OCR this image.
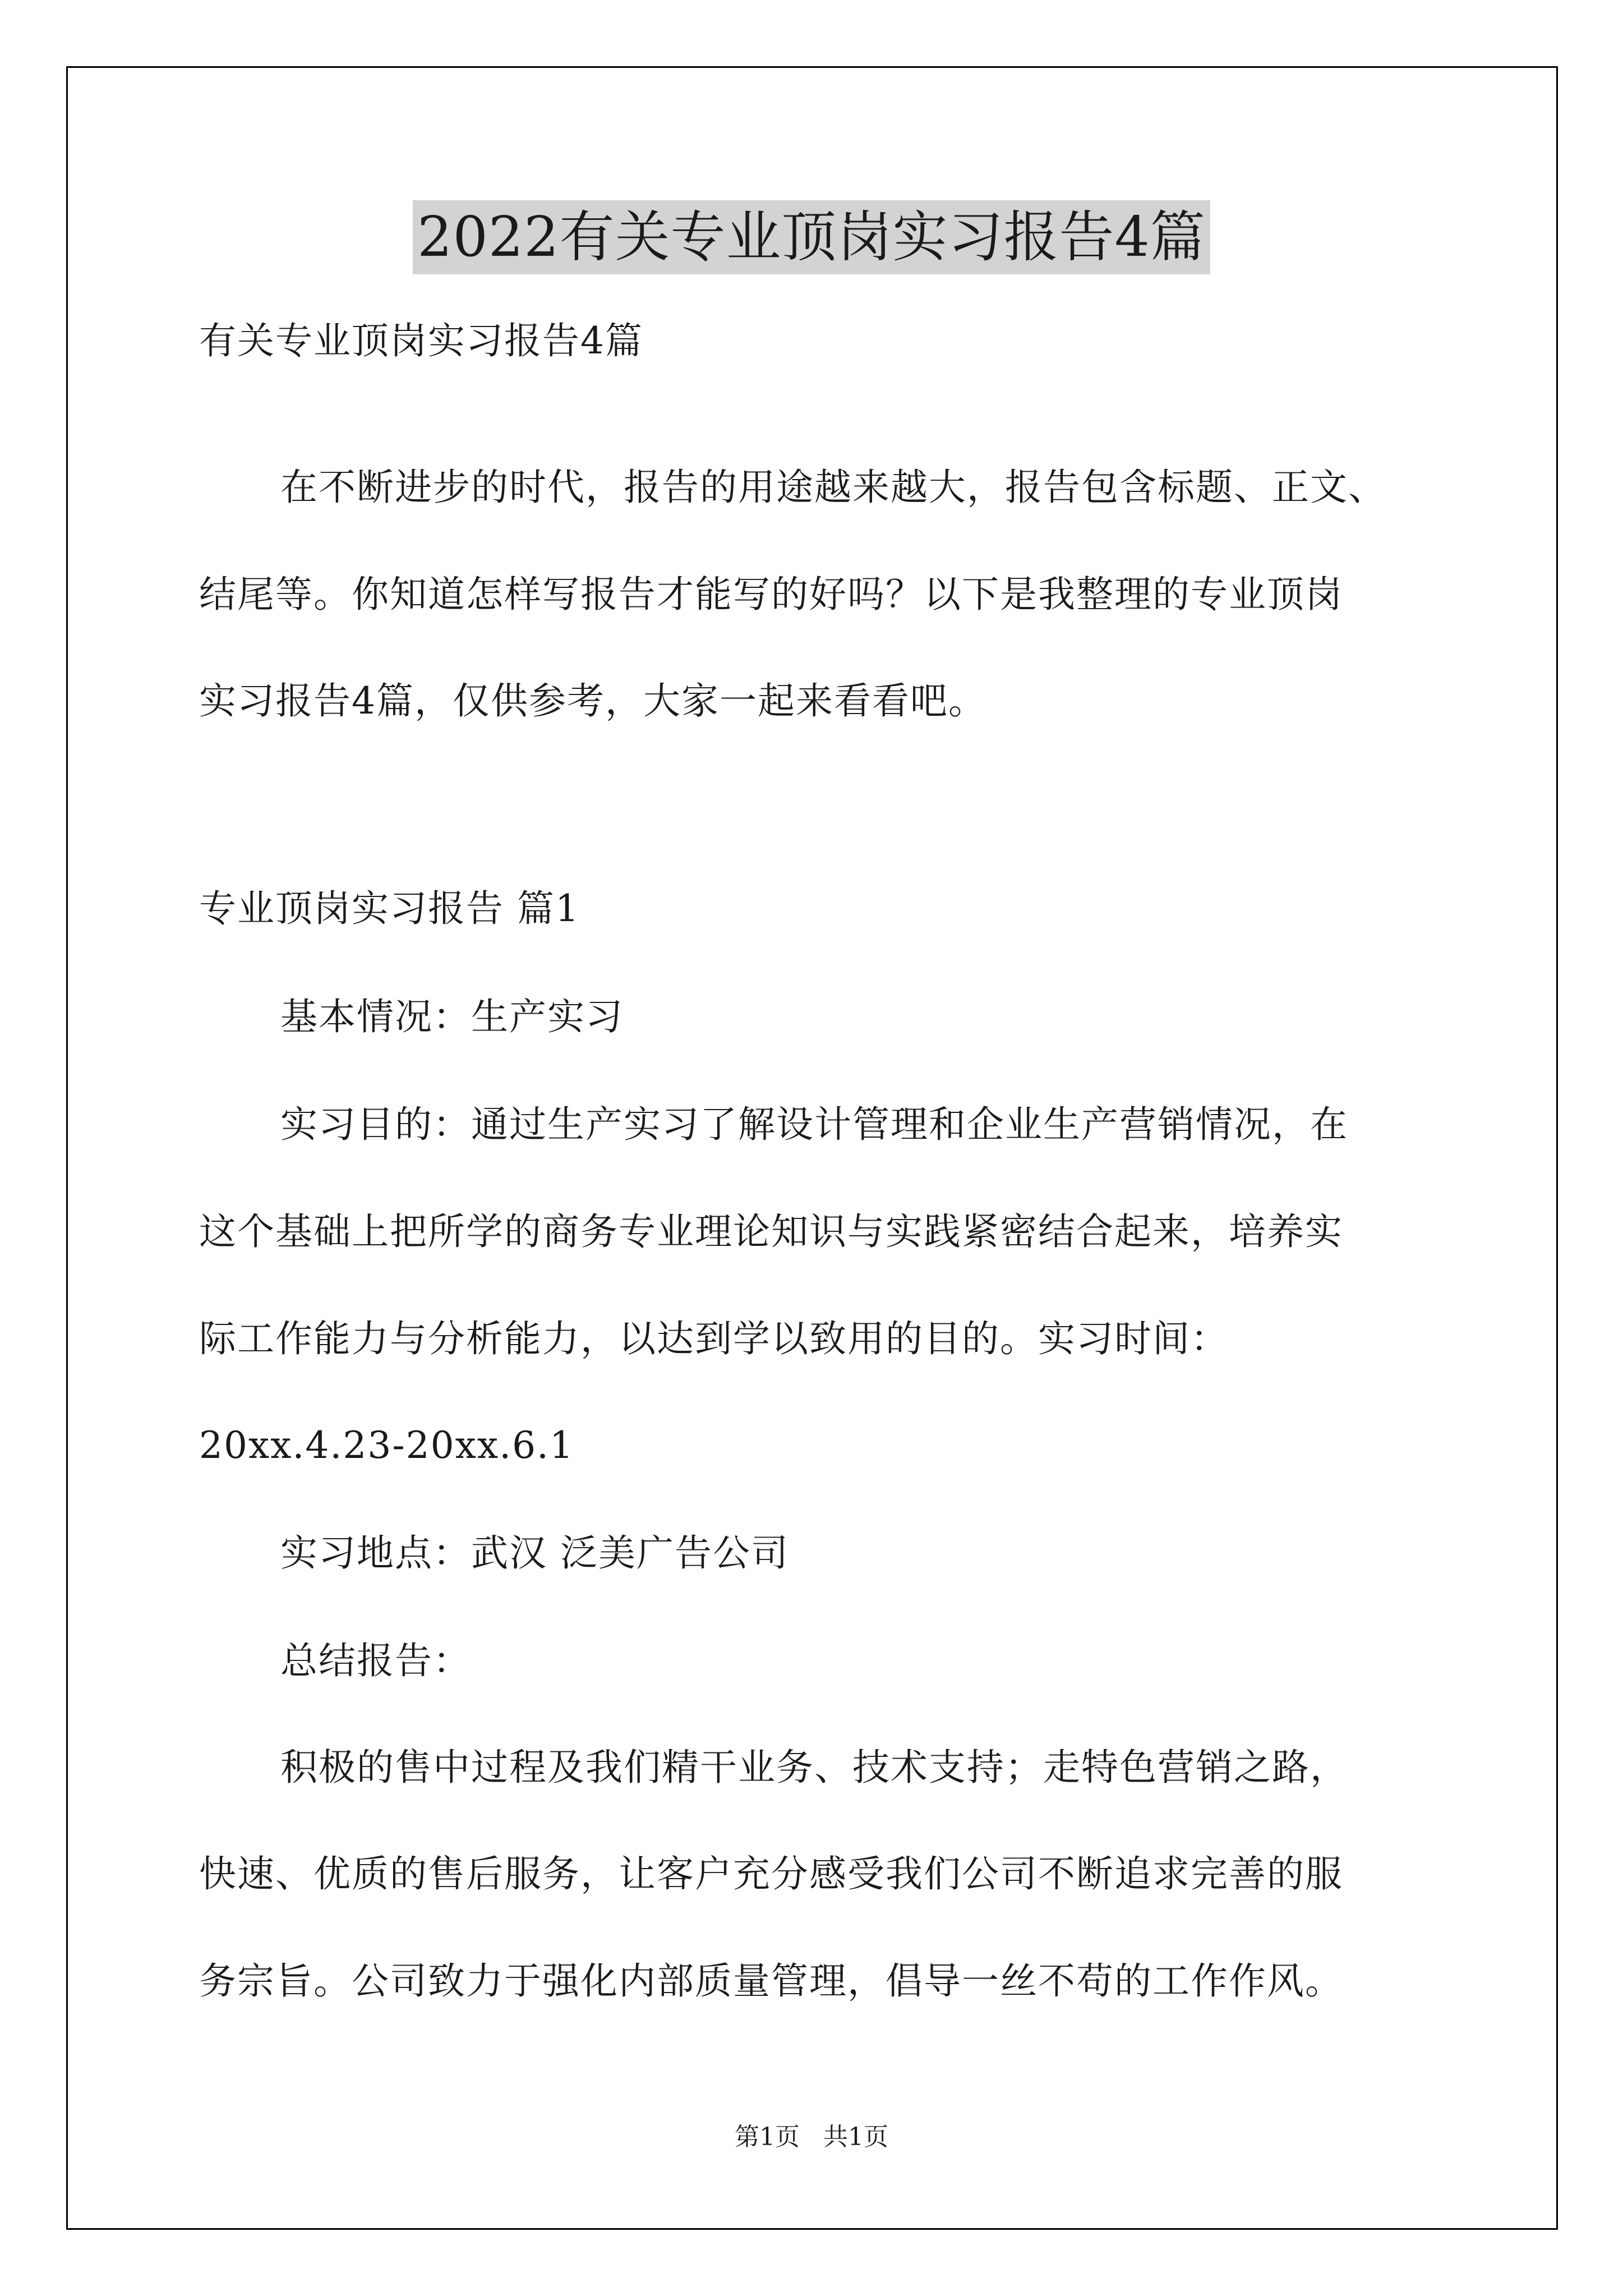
2022有关专业顶岗实习报告4篇
有关专业顶岗实习报告4篇
在不断进步的时代，报告的用途越来越大，报告包含标题、正文、
结尾等。你知道怎样写报告才能写的好吗？以下是我整理的专业顶岗
实习报告4篇，仅供参考，大家一起来看看吧。
专业顶岗实习报告 篇1
基本情况：生产实习
实习目的：通过生产实习了解设计管理和企业生产营销情况，在
这个基础上把所学的商务专业理论知识与实践紧密结合起来，培养实
际工作能力与分析能力，以达到学以致用的目的。实习时间：
20xx.4.23-20xx.6.1
实习地点：武汉 泛美广告公司
总结报告：
积极的售中过程及我们精干业务、技术支持；走特色营销之路，
快速、优质的售后服务，让客户充分感受我们公司不断追求完善的服
务宗旨。公司致力于强化内部质量管理，倡导一丝不苟的工作作风。
第1页 共1页
